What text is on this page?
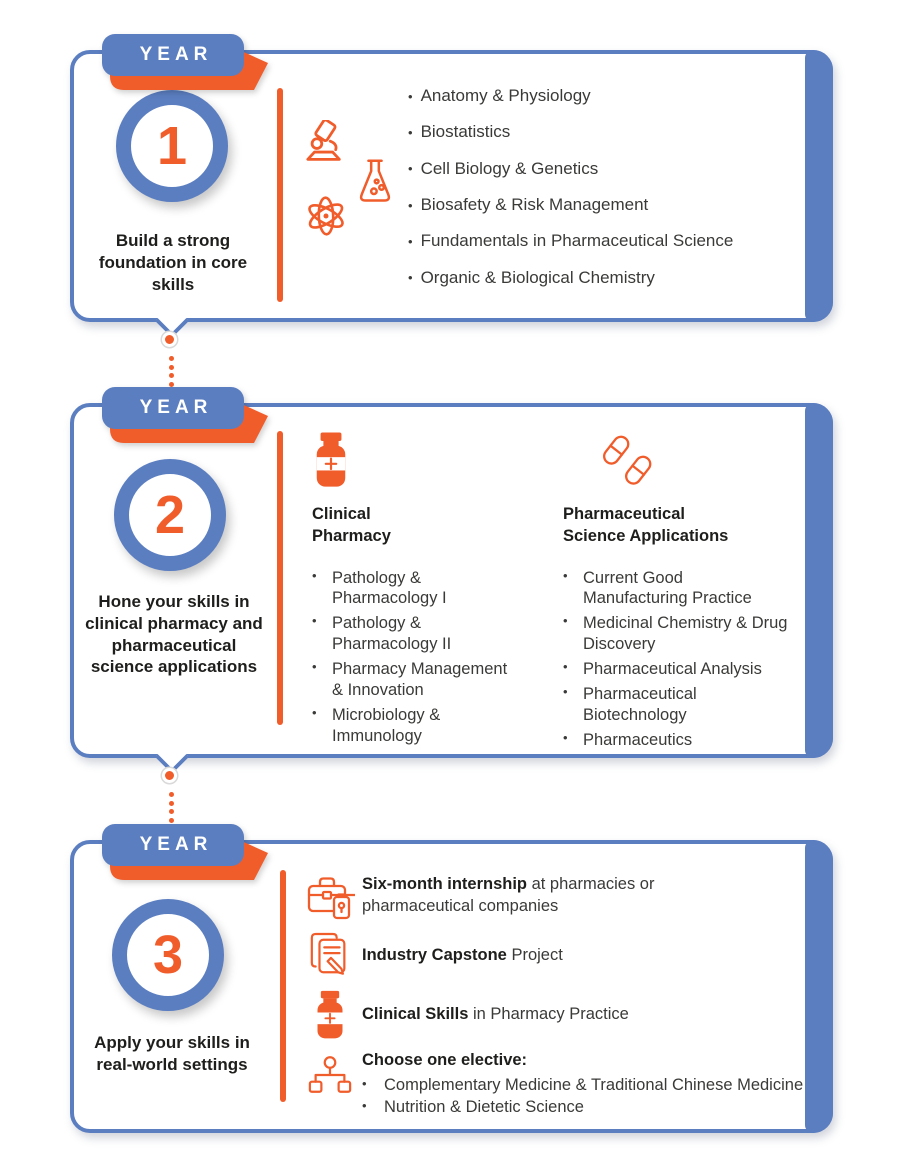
YEAR
1
Build a strong foundation in core skills
• Anatomy & Physiology
• Biostatistics
• Cell Biology & Genetics
• Biosafety & Risk Management
• Fundamentals in Pharmaceutical Science
• Organic & Biological Chemistry
YEAR
2
Hone your skills in clinical pharmacy and pharmaceutical science applications
Clinical Pharmacy
• Pathology & Pharmacology I
• Pathology & Pharmacology II
• Pharmacy Management & Innovation
• Microbiology & Immunology
Pharmaceutical Science Applications
• Current Good Manufacturing Practice
• Medicinal Chemistry & Drug Discovery
• Pharmaceutical Analysis
• Pharmaceutical Biotechnology
• Pharmaceutics
YEAR
3
Apply your skills in real-world settings

Six-month internship at pharmacies or pharmaceutical companies

Industry Capstone Project

Clinical Skills in Pharmacy Practice

Choose one elective:
•	Complementary Medicine & Traditional Chinese Medicine
•	Nutrition & Dietetic Science
